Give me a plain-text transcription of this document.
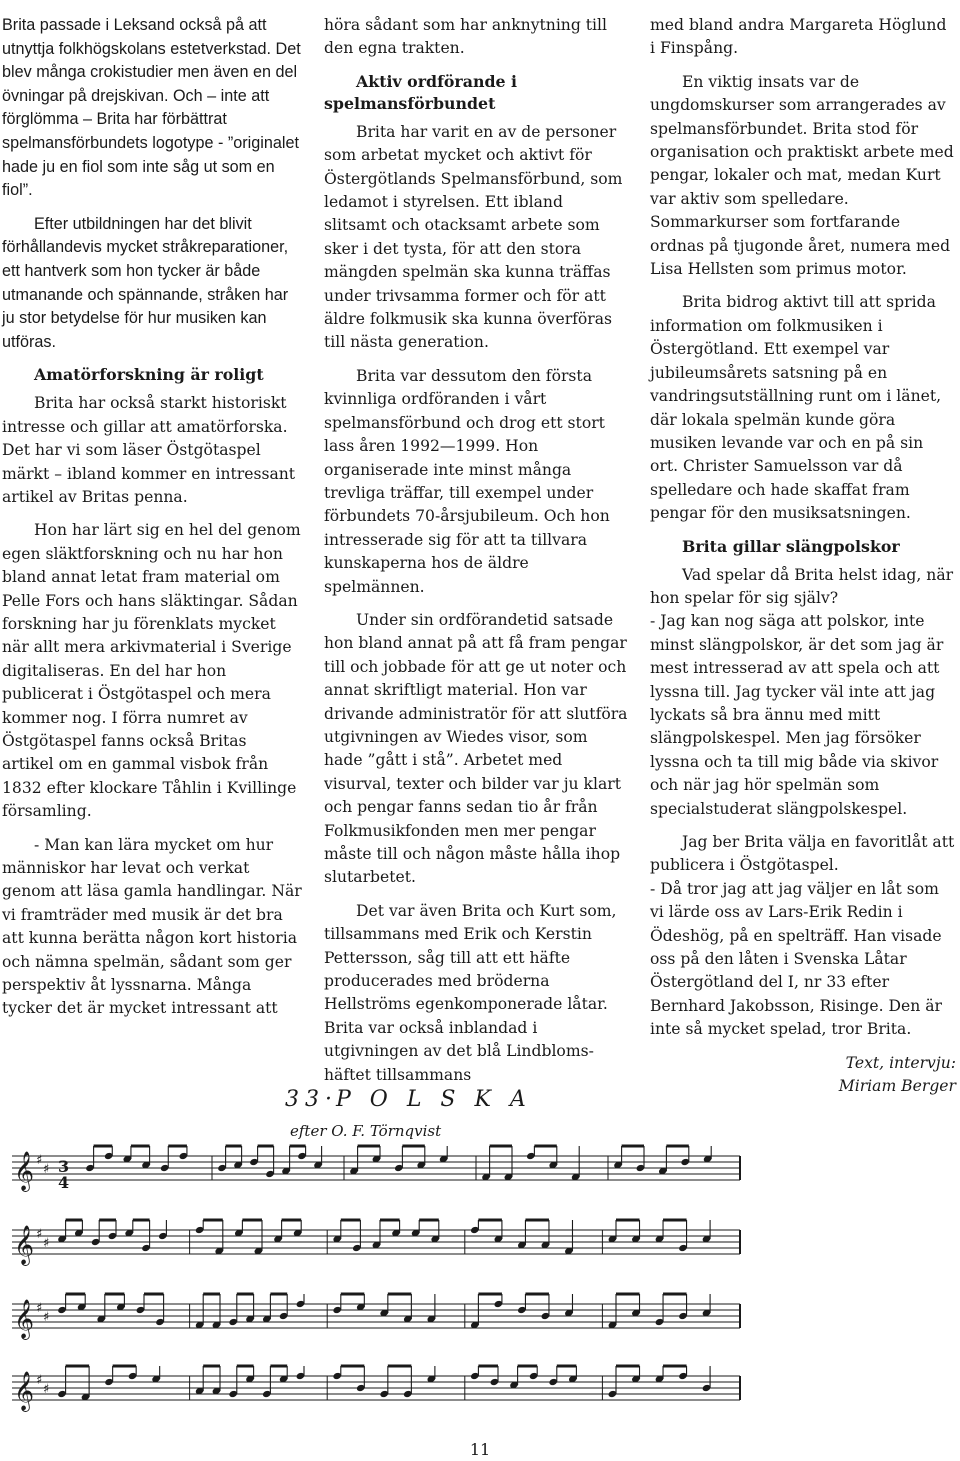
Brita passade i Leksand också på att utnyttja folkhögskolans estetverkstad. Det blev många crokistudier men även en del övningar på drejskivan. Och – inte att förglömma – Brita har förbättrat spelmansförbundets logotype - ”originalet hade ju en fiol som inte såg ut som en fiol”.

Efter utbildningen har det blivit förhållandevis mycket stråkreparationer, ett hantverk som hon tycker är både utmanande och spännande, stråken har ju stor betydelse för hur musiken kan utföras.

Amatörforskning är roligt

Brita har också starkt historiskt intresse och gillar att amatörforska. Det har vi som läser Östgötaspel märkt – ibland kommer en intressant artikel av Britas penna.

Hon har lärt sig en hel del genom egen släktforskning och nu har hon bland annat letat fram material om Pelle Fors och hans släktingar. Sådan forskning har ju förenklats mycket när allt mera arkivmaterial i Sverige digitaliseras. En del har hon publicerat i Östgötaspel och mera kommer nog. I förra numret av Östgötaspel fanns också Britas artikel om en gammal visbok från 1832 efter klockare Tåhlin i Kvillinge församling.

- Man kan lära mycket om hur människor har levat och verkat genom att läsa gamla handlingar. När vi framträder med musik är det bra att kunna berätta någon kort historia och nämna spelmän, sådant som ger perspektiv åt lyssnarna. Många tycker det är mycket intressant att

höra sådant som har anknytning till den egna trakten.

Aktiv ordförande i spelmansförbundet

Brita har varit en av de personer som arbetat mycket och aktivt för Östergötlands Spelmansförbund, som ledamot i styrelsen. Ett ibland slitsamt och otacksamt arbete som sker i det tysta, för att den stora mängden spelmän ska kunna träffas under trivsamma former och för att äldre folkmusik ska kunna överföras till nästa generation.

Brita var dessutom den första kvinnliga ordföranden i vårt spelmansförbund och drog ett stort lass åren 1992—1999. Hon organiserade inte minst många trevliga träffar, till exempel under förbundets 70-årsjubileum. Och hon intresserade sig för att ta tillvara kunskaperna hos de äldre spelmännen.

Under sin ordförandetid satsade hon bland annat på att få fram pengar till och jobbade för att ge ut noter och annat skriftligt material. Hon var drivande administratör för att slutföra utgivningen av Wiedes visor, som hade ”gått i stå”. Arbetet med visurval, texter och bilder var ju klart och pengar fanns sedan tio år från Folkmusikfonden men mer pengar måste till och någon måste hålla ihop slutarbetet.

Det var även Brita och Kurt som, tillsammans med Erik och Kerstin Pettersson, såg till att ett häfte producerades med bröderna Hellströms egenkomponerade låtar. Brita var också inblandad i utgivningen av det blå Lindbloms-häftet tillsammans

med bland andra Margareta Höglund i Finspång.

En viktig insats var de ungdomskurser som arrangerades av spelmansförbundet. Brita stod för organisation och praktiskt arbete med pengar, lokaler och mat, medan Kurt var aktiv som spelledare. Sommarkurser som fortfarande ordnas på tjugonde året, numera med Lisa Hellsten som primus motor.

Brita bidrog aktivt till att sprida information om folkmusiken i Östergötland. Ett exempel var jubileumsårets satsning på en vandringsutställning runt om i länet, där lokala spelmän kunde göra musiken levande var och en på sin ort. Christer Samuelsson var då spelledare och hade skaffat fram pengar för den musiksatsningen.

Brita gillar slängpolskor

Vad spelar då Brita helst idag, när hon spelar för sig själv?

- Jag kan nog säga att polskor, inte minst slängpolskor, är det som jag är mest intresserad av att spela och att lyssna till. Jag tycker väl inte att jag lyckats så bra ännu med mitt slängpolskespel. Men jag försöker lyssna och ta till mig både via skivor och när jag hör spelmän som specialstuderat slängpolskespel.

Jag ber Brita välja en favoritlåt att publicera i Östgötaspel.

- Då tror jag att jag väljer en låt som vi lärde oss av Lars-Erik Redin i Ödeshög, på en spelträff. Han visade oss på den låten i Svenska Låtar Östergötland del I, nr 33 efter Bernhard Jakobsson, Risinge. Den är inte så mycket spelad, tror Brita.

Text, intervju:
Miriam Berger
33·
P O L S K A
efter O. F. Törnqvist
𝄞 ♯
♯
𝄞 ♯
♯
𝄞 ♯
♯
𝄞 ♯
♯
3
4
11
